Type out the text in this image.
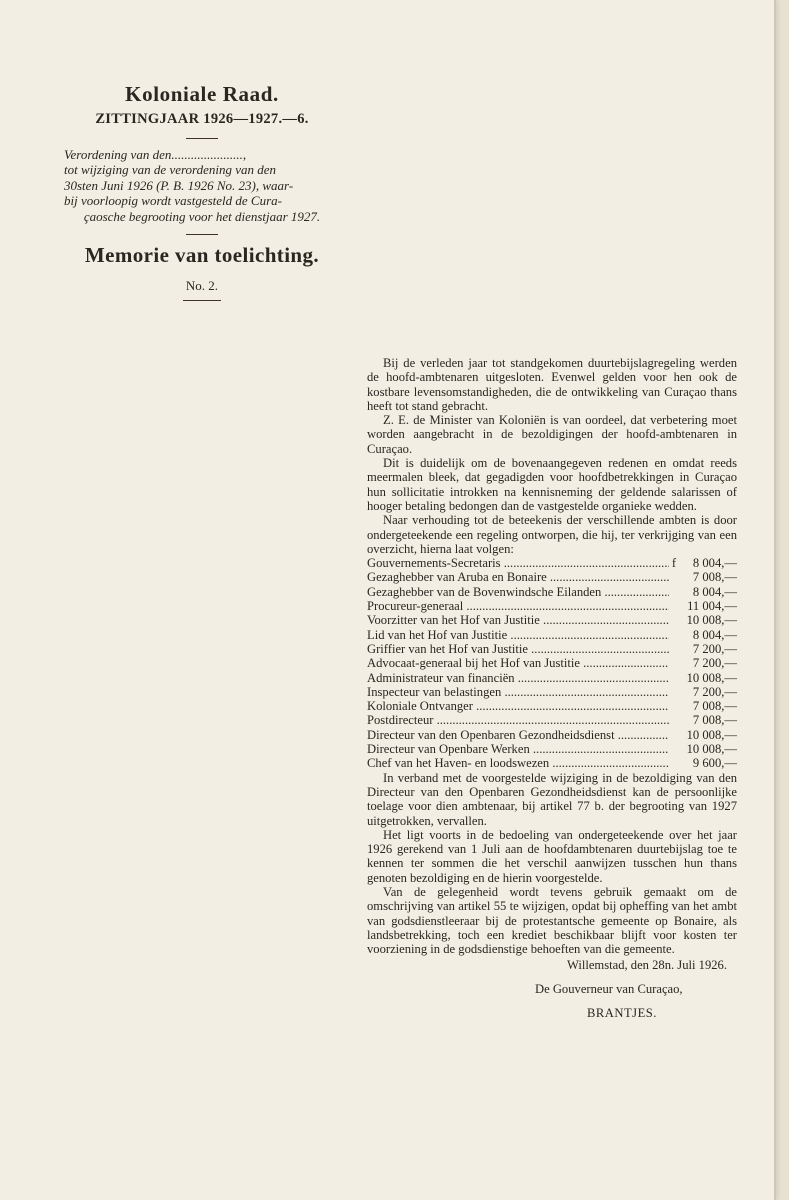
Koloniale Raad.
ZITTINGJAAR 1926—1927.—6.
Verordening van den......................,
tot wijziging van de verordening van den
30sten Juni 1926 (P. B. 1926 No. 23), waar-
bij voorloopig wordt vastgesteld de Cura-
çaosche begrooting voor het dienstjaar 1927.
Memorie van toelichting.
No. 2.

Bij de verleden jaar tot standgekomen duurtebijslagregeling werden de hoofd-ambtenaren uitgesloten. Evenwel gelden voor hen ook de kostbare levensomstandigheden, die de ontwikkeling van Curaçao thans heeft tot stand gebracht.

Z. E. de Minister van Koloniën is van oordeel, dat verbetering moet worden aangebracht in de bezoldigingen der hoofd-ambtenaren in Curaçao.

Dit is duidelijk om de bovenaangegeven redenen en omdat reeds meermalen bleek, dat gegadigden voor hoofdbetrekkingen in Curaçao hun sollicitatie introkken na kennisneming der geldende salarissen of hooger betaling bedongen dan de vastgestelde organieke wedden.

Naar verhouding tot de beteekenis der verschillende ambten is door ondergeteekende een regeling ontworpen, die hij, ter verkrijging van een overzicht, hierna laat volgen:

Gouvernements-Secretaris .....	f	8 004,—
Gezaghebber van Aruba en Bonaire .....	7 008,—
Gezaghebber van de Bovenwindsche Eilanden .....	8 004,—
Procureur-generaal .....	11 004,—
Voorzitter van het Hof van Justitie .....	10 008,—
Lid van het Hof van Justitie .....	8 004,—
Griffier van het Hof van Justitie .....	7 200,—
Advocaat-generaal bij het Hof van Justitie .....	7 200,—
Administrateur van financiën .....	10 008,—
Inspecteur van belastingen .....	7 200,—
Koloniale Ontvanger .....	7 008,—
Postdirecteur .....	7 008,—
Directeur van den Openbaren Gezondheidsdienst .....	10 008,—
Directeur van Openbare Werken .....	10 008,—
Chef van het Haven- en loodswezen .....	9 600,—

In verband met de voorgestelde wijziging in de bezoldiging van den Directeur van den Openbaren Gezondheidsdienst kan de persoonlijke toelage voor dien ambtenaar, bij artikel 77 b. der begrooting van 1927 uitgetrokken, vervallen.

Het ligt voorts in de bedoeling van ondergeteekende over het jaar 1926 gerekend van 1 Juli aan de hoofdambtenaren duurtebijslag toe te kennen ter sommen die het verschil aanwijzen tusschen hun thans genoten bezoldiging en de hierin voorgestelde.

Van de gelegenheid wordt tevens gebruik gemaakt om de omschrijving van artikel 55 te wijzigen, opdat bij opheffing van het ambt van godsdienstleeraar bij de protestantsche gemeente op Bonaire, als landsbetrekking, toch een krediet beschikbaar blijft voor kosten ter voorziening in de godsdienstige behoeften van die gemeente.

Willemstad, den 28n. Juli 1926.
De Gouverneur van Curaçao,
BRANTJES.
